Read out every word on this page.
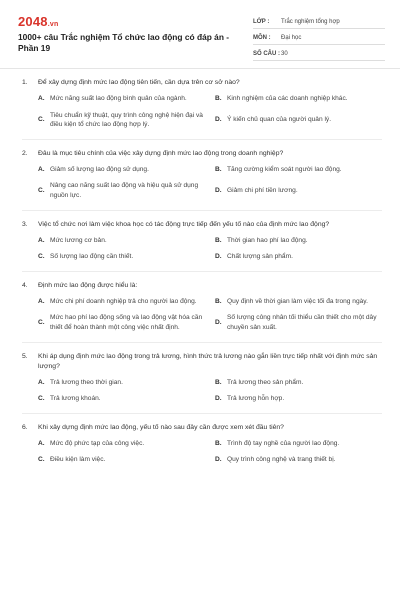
2048.vn
1000+ câu Trắc nghiệm Tổ chức lao động có đáp án - Phần 19
LỚP :	Trắc nghiệm tổng hợp
MÔN :	Đại học
SỐ CÂU : 30
1.	Để xây dựng định mức lao động tiên tiến, cần dựa trên cơ sở nào?
A. Mức năng suất lao động bình quân của ngành.	B. Kinh nghiệm của các doanh nghiệp khác.
C.
Tiêu chuẩn kỹ thuật, quy trình công nghệ hiện đại và điều kiện tổ chức lao động hợp lý.
D. Ý kiến chủ quan của người quản lý.
2.	Đâu là mục tiêu chính của việc xây dựng định mức lao động trong doanh nghiệp?
A. Giảm số lượng lao động sử dụng.	B. Tăng cường kiểm soát người lao động.
C.
Nâng cao năng suất lao động và hiệu quả sử dụng nguồn lực.
D. Giảm chi phí tiền lương.
3.	Việc tổ chức nơi làm việc khoa học có tác động trực tiếp đến yếu tố nào của định mức lao động?
A. Mức lương cơ bản.	B. Thời gian hao phí lao động.
C. Số lượng lao động cần thiết.	D. Chất lượng sản phẩm.
4.	Định mức lao động được hiểu là:
A. Mức chi phí doanh nghiệp trả cho người lao động.	B. Quy định về thời gian làm việc tối đa trong ngày.
C.
Mức hao phí lao động sống và lao động vật hóa cần thiết để hoàn thành một công việc nhất định.
D.
Số lượng công nhân tối thiểu cần thiết cho một dây chuyền sản xuất.
5.	Khi áp dụng định mức lao động trong trả lương, hình thức trả lương nào gắn liền trực tiếp nhất với định mức sản lượng?
A. Trả lương theo thời gian.	B. Trả lương theo sản phẩm.
C. Trả lương khoán.	D. Trả lương hỗn hợp.
6.	Khi xây dựng định mức lao động, yếu tố nào sau đây cần được xem xét đầu tiên?
A. Mức độ phức tạp của công việc.	B. Trình độ tay nghề của người lao động.
C. Điều kiện làm việc.	D. Quy trình công nghệ và trang thiết bị.
